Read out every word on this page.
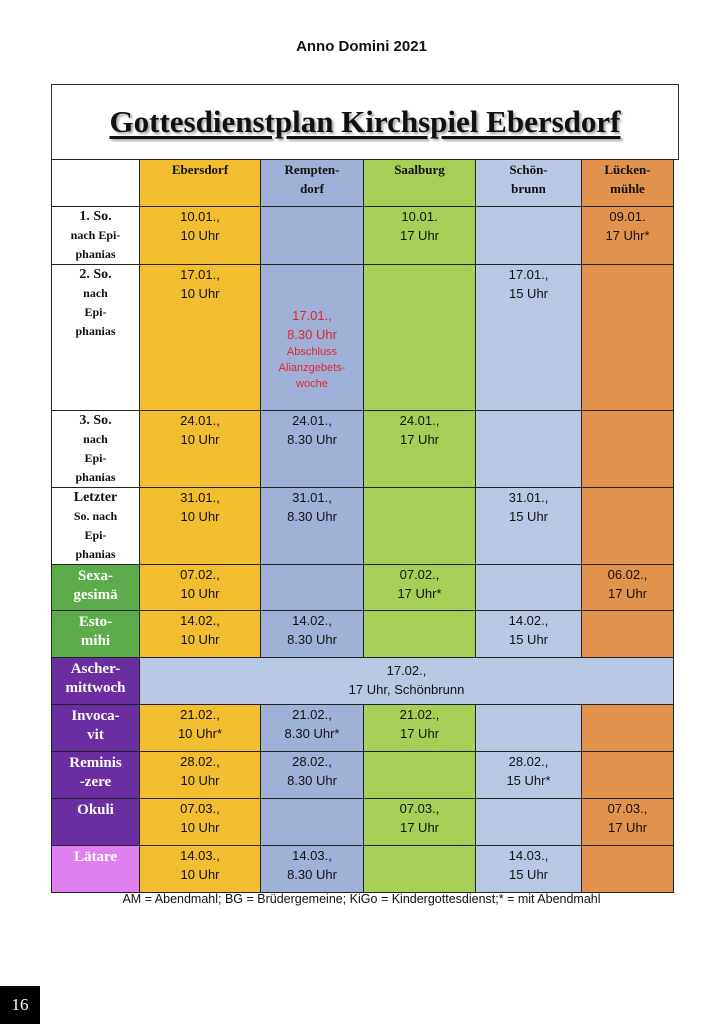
Anno Domini 2021
Gottesdienstplan Kirchspiel Ebersdorf
	Ebersdorf	Rempten-
dorf	Saalburg	Schön-
brunn	Lücken-
mühle

1. So.
nach Epi-
phanias	10.01.,
10 Uhr		10.01.
17 Uhr		09.01.
17 Uhr*

2. So.
nach
Epi-
phanias	17.01.,
10 Uhr	17.01.,
8.30 Uhr
Abschluss
Alianzgebets-
woche		17.01.,
15 Uhr	

3. So.
nach
Epi-
phanias	24.01.,
10 Uhr	24.01.,
8.30 Uhr	24.01.,
17 Uhr		

Letzter
So. nach
Epi-
phanias	31.01.,
10 Uhr	31.01.,
8.30 Uhr		31.01.,
15 Uhr	

Sexa-
gesimä	07.02.,
10 Uhr		07.02.,
17 Uhr*		06.02.,
17 Uhr

Esto-
mihi	14.02.,
10 Uhr	14.02.,
8.30 Uhr		14.02.,
15 Uhr	

Ascher-
mittwoch	17.02.,
17 Uhr, Schönbrunn				

Invoca-
vit	21.02.,
10 Uhr*	21.02.,
8.30 Uhr*	21.02.,
17 Uhr		

Reminis
-zere	28.02.,
10 Uhr	28.02.,
8.30 Uhr		28.02.,
15 Uhr*	

Okuli	07.03.,
10 Uhr		07.03.,
17 Uhr		07.03.,
17 Uhr

Lätare	14.03.,
10 Uhr	14.03.,
8.30 Uhr		14.03.,
15 Uhr	

AM = Abendmahl; BG = Brüdergemeine; KiGo = Kindergottesdienst;* = mit Abendmahl
16
